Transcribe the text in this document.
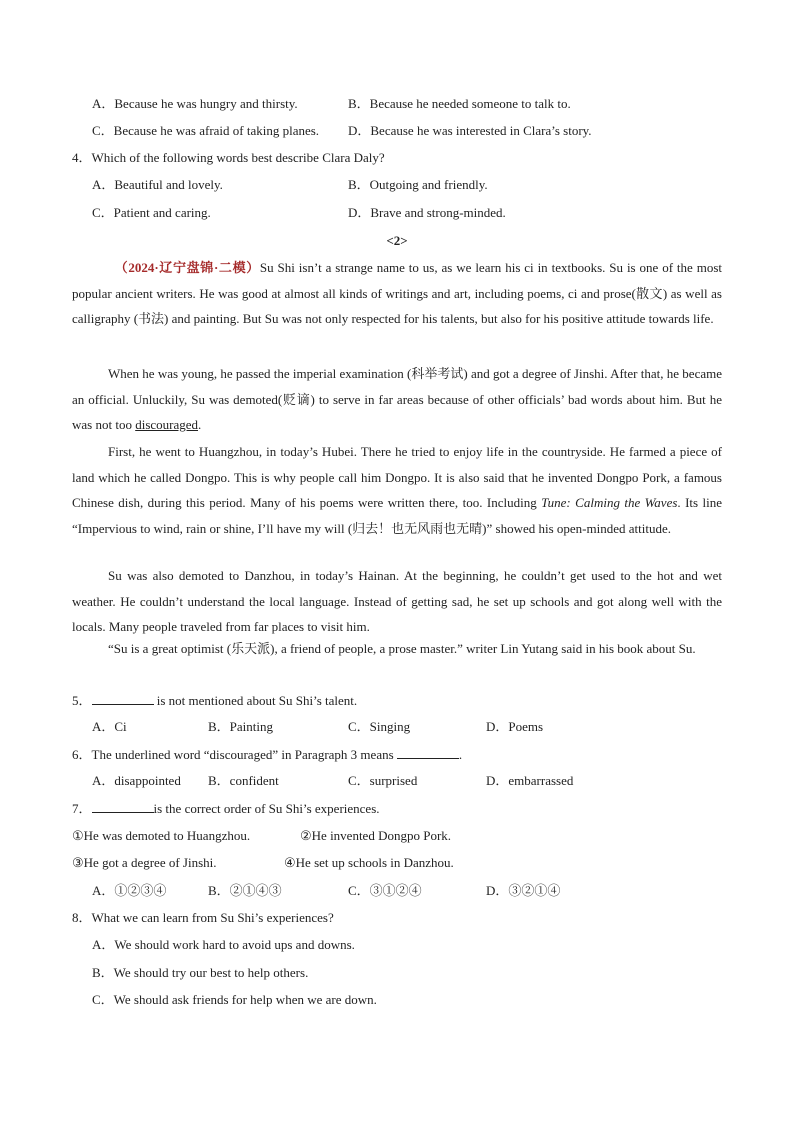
A．Because he was hungry and thirsty.	B．Because he needed someone to talk to.
C．Because he was afraid of taking planes. D．Because he was interested in Clara’s story.
4．Which of the following words best describe Clara Daly?
A．Beautiful and lovely.	B．Outgoing and friendly.
C．Patient and caring.	D．Brave and strong-minded.
<2>
（2024·辽宁盘锦·二模）Su Shi isn’t a strange name to us, as we learn his ci in textbooks. Su is one of the most popular ancient writers. He was good at almost all kinds of writings and art, including poems, ci and prose(散文) as well as calligraphy (书法) and painting. But Su was not only respected for his talents, but also for his positive attitude towards life.
When he was young, he passed the imperial examination (科举考试) and got a degree of Jinshi. After that, he became an official. Unluckily, Su was demoted(贬谪) to serve in far areas because of other officials’ bad words about him. But he was not too discouraged.
First, he went to Huangzhou, in today’s Hubei. There he tried to enjoy life in the countryside. He farmed a piece of land which he called Dongpo. This is why people call him Dongpo. It is also said that he invented Dongpo Pork, a famous Chinese dish, during this period. Many of his poems were written there, too. Including Tune: Calming the Waves. Its line “Impervious to wind, rain or shine, I’ll have my will (归去！也无风雨也无晴)” showed his open-minded attitude.
Su was also demoted to Danzhou, in today’s Hainan. At the beginning, he couldn’t get used to the hot and wet weather. He couldn’t understand the local language. Instead of getting sad, he set up schools and got along well with the locals. Many people traveled from far places to visit him.
“Su is a great optimist (乐天派), a friend of people, a prose master.” writer Lin Yutang said in his book about Su.
5．	is not mentioned about Su Shi’s talent.
A．Ci	B．Painting	C．Singing	D．Poems
6．The underlined word “discouraged” in Paragraph 3 means	.
A．disappointed B．confident	C．surprised	D．embarrassed
7．	is the correct order of Su Shi’s experiences.
①He was demoted to Huangzhou.	②He invented Dongpo Pork.
③He got a degree of Jinshi.	④He set up schools in Danzhou.
A．①②③④	B．②①④③	C．③①②④	D．③②①④
8．What we can learn from Su Shi’s experiences?
A．We should work hard to avoid ups and downs.
B．We should try our best to help others.
C．We should ask friends for help when we are down.
